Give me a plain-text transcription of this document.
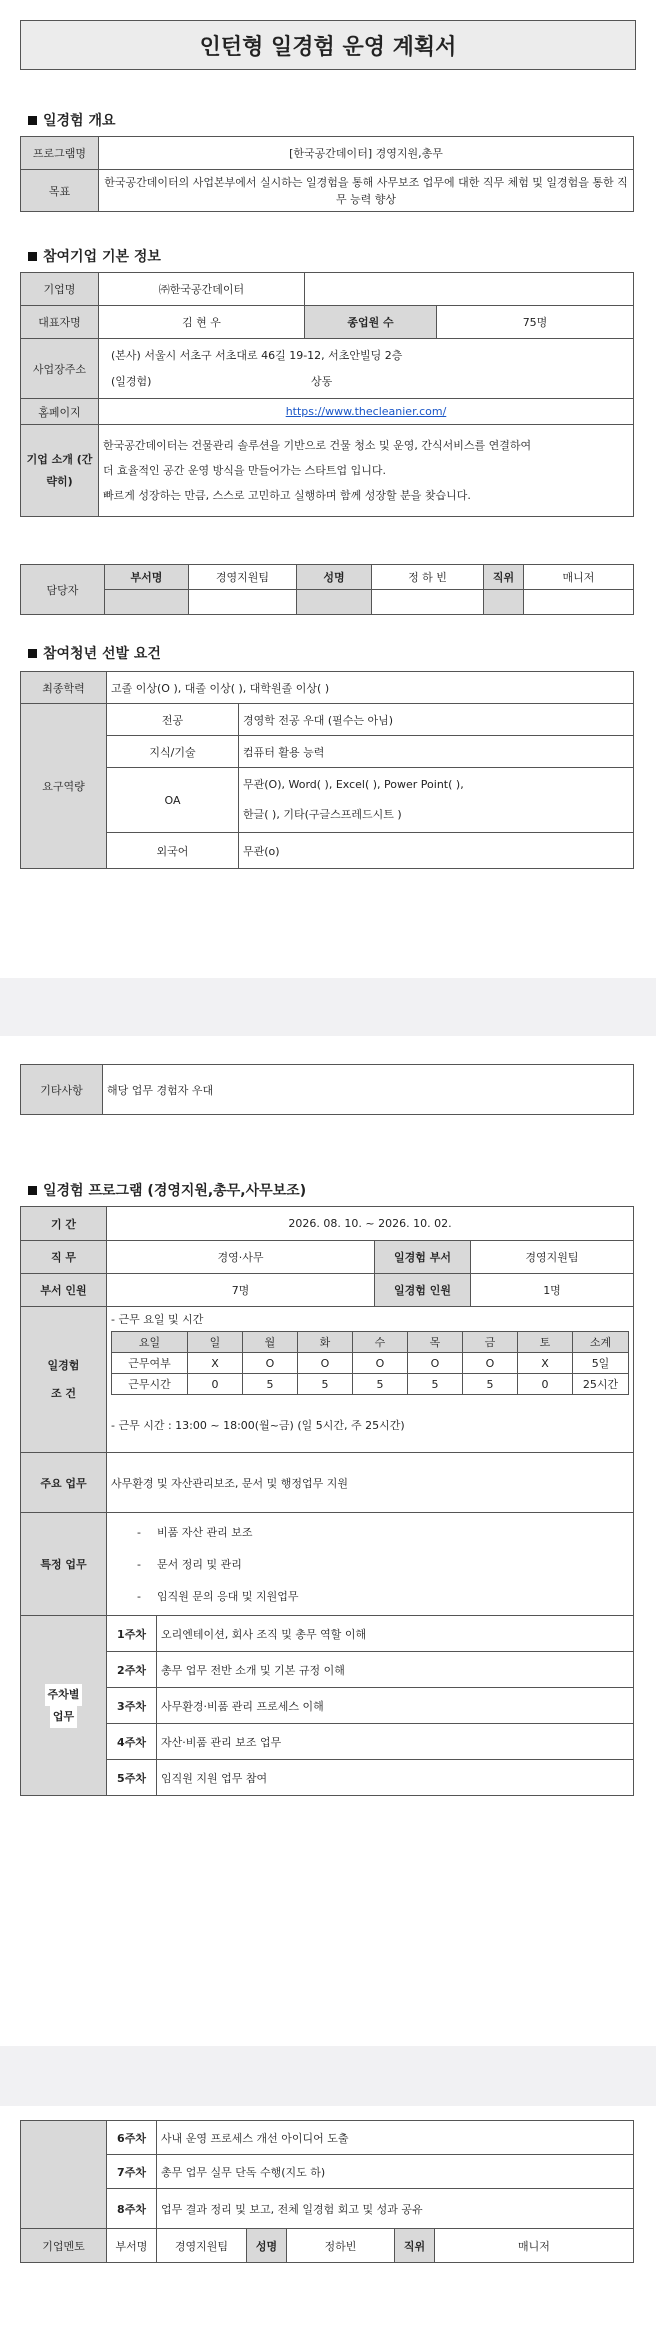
인턴형 일경험 운영 계획서
일경험 개요
프로그램명	[한국공간데이터] 경영지원,총무
목표	한국공간데이터의 사업본부에서 실시하는 일경험을 통해 사무보조 업무에 대한 직무 체험 및 일경험을 통한 직무 능력 향상
참여기업 기본 정보
기업명	㈜한국공간데이터		
대표자명	김 현 우	종업원 수	75명
사업장주소	(본사) 서울시 서초구 서초대로 46길 19-12, 서초안빌딩 2층
(일경험) 상동		

홈페이지	https://www.thecleanier.com/		
기업 소개 (간략히)	한국공간데이터는 건물관리 솔루션을 기반으로 건물 청소 및 운영, 간식서비스를 연결하여
더 효율적인 공간 운영 방식을 만들어가는 스타트업 입니다.
빠르게 성장하는 만큼, 스스로 고민하고 실행하며 함께 성장할 분을 찾습니다.		
담당자	부서명	경영지원팀	성명	정 하 빈	직위	매니저

참여청년 선발 요건
최종학력	고졸 이상(O ), 대졸 이상( ), 대학원졸 이상( )	
요구역량	전공	경영학 전공 우대 (필수는 아님)
	지식/기술	컴퓨터 활용 능력
	OA	무관(O), Word( ), Excel( ), Power Point( ),
한글( ), 기타(구글스프레드시트 )

	외국어	무관(o)
기타사항	해당 업무 경험자 우대
일경험 프로그램 (경영지원,총무,사무보조)
기 간	2026. 08. 10. ~ 2026. 10. 02.
직 무	경영·사무	일경험 부서	경영지원팀
부서 인원	7명	일경험 인원	1명

일경험
조 건

- 근무 요일 및 시간
요일	일	월	화	수	목	금	토	소계
근무여부	X	O	O	O	O	O	X	5일
근무시간	0	5	5	5	5	5	0	25시간
- 근무 시간 : 13:00 ~ 18:00(월~금) (일 5시간, 주 25시간)

주요 업무	사무환경 및 자산관리보조, 문서 및 행정업무 지원
특정 업무	
- 비품 자산 관리 보조
- 문서 정리 및 관리
- 임직원 문의 응대 및 지원업무

주차별
업무	1주차	오리엔테이션, 회사 조직 및 총무 역할 이해
2주차	총무 업무 전반 소개 및 기본 규정 이해
3주차	사무환경·비품 관리 프로세스 이해
4주차	자산·비품 관리 보조 업무
5주차	임직원 지원 업무 참여
	6주차	사내 운영 프로세스 개선 아이디어 도출				
	7주차	총무 업무 실무 단독 수행(지도 하)				
	8주차	업무 결과 정리 및 보고, 전체 일경험 회고 및 성과 공유				
기업멘토	부서명	경영지원팀	성명	정하빈	직위	매니저
